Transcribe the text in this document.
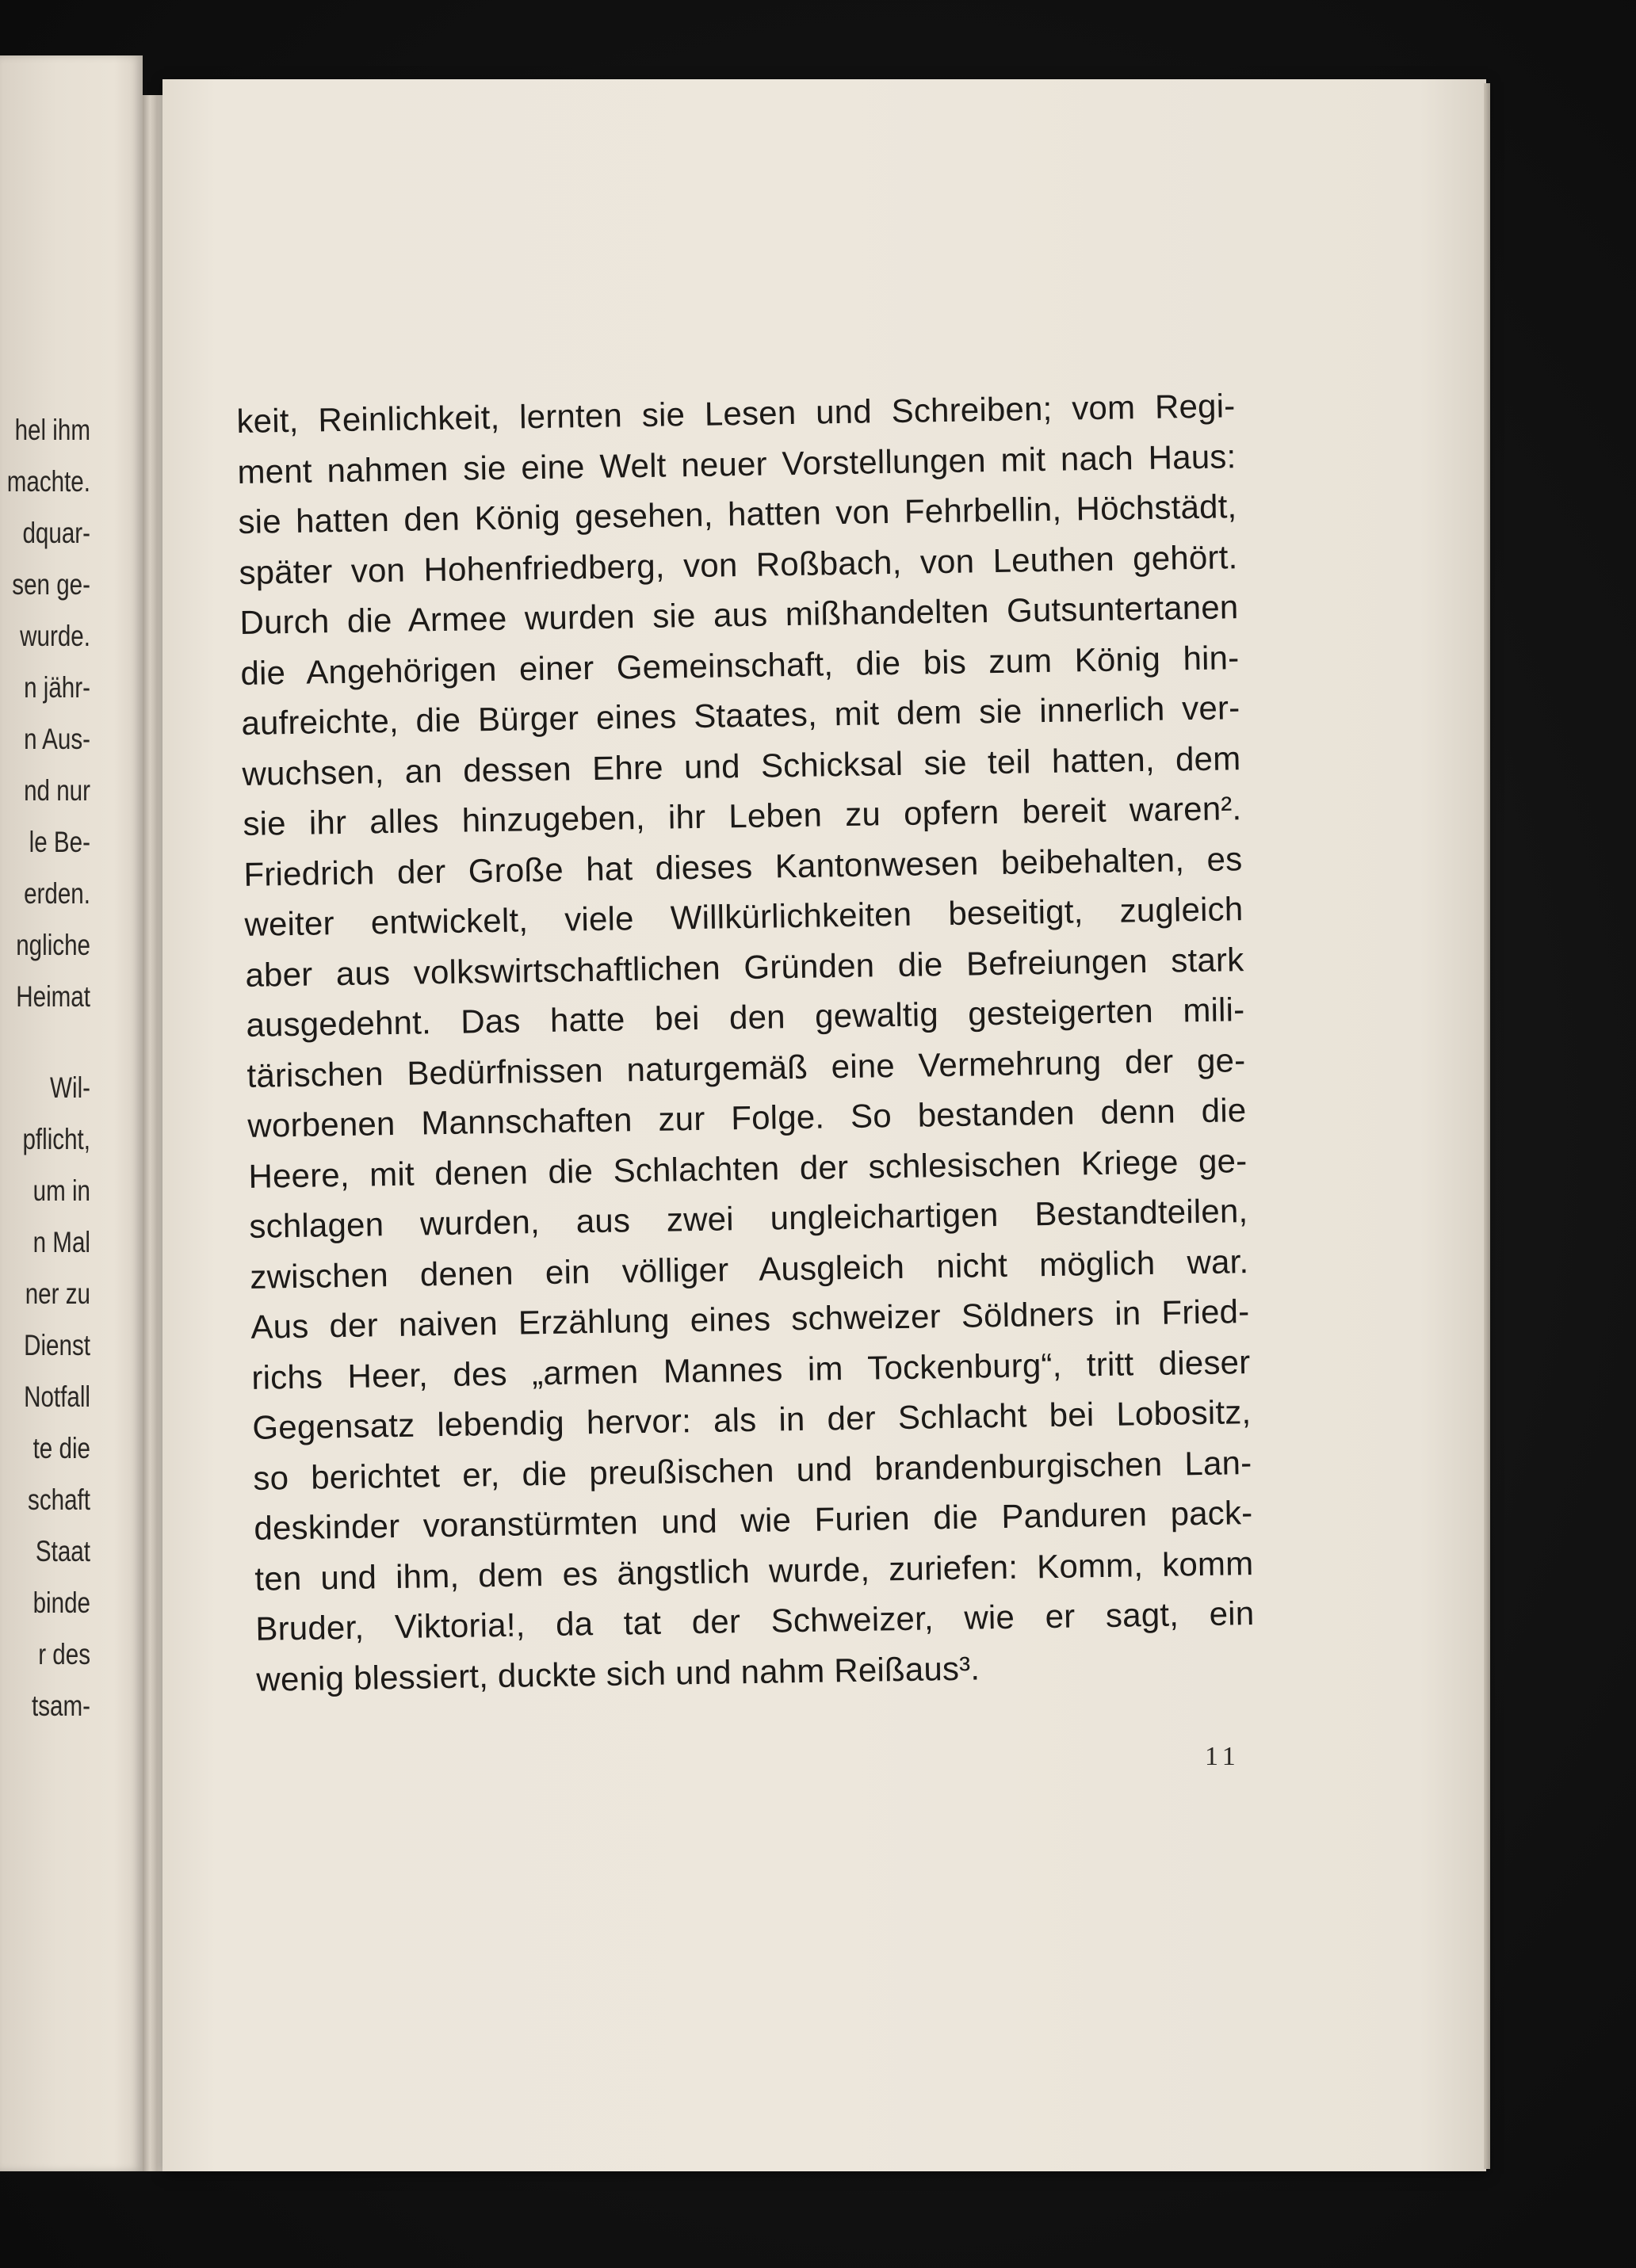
hel ihm
machte.
dquar-
sen ge-
wurde.
n jähr-
n Aus-
nd nur
le Be-
erden.
ngliche
Heimat
Wil-
pflicht,
um in
n Mal
ner zu
Dienst
Notfall
te die
schaft
Staat
binde
r des
tsam-
keit, Reinlichkeit, lernten sie Lesen und Schreiben; vom Regi-
ment nahmen sie eine Welt neuer Vorstellungen mit nach Haus:
sie hatten den König gesehen, hatten von Fehrbellin, Höchstädt,
später von Hohenfriedberg, von Roßbach, von Leuthen gehört.
Durch die Armee wurden sie aus mißhandelten Gutsuntertanen
die Angehörigen einer Gemeinschaft, die bis zum König hin-
aufreichte, die Bürger eines Staates, mit dem sie innerlich ver-
wuchsen, an dessen Ehre und Schicksal sie teil hatten, dem
sie ihr alles hinzugeben, ihr Leben zu opfern bereit waren².
Friedrich der Große hat dieses Kantonwesen beibehalten, es
weiter entwickelt, viele Willkürlichkeiten beseitigt, zugleich
aber aus volkswirtschaftlichen Gründen die Befreiungen stark
ausgedehnt. Das hatte bei den gewaltig gesteigerten mili-
tärischen Bedürfnissen naturgemäß eine Vermehrung der ge-
worbenen Mannschaften zur Folge. So bestanden denn die
Heere, mit denen die Schlachten der schlesischen Kriege ge-
schlagen wurden, aus zwei ungleichartigen Bestandteilen,
zwischen denen ein völliger Ausgleich nicht möglich war.
Aus der naiven Erzählung eines schweizer Söldners in Fried-
richs Heer, des „armen Mannes im Tockenburg“, tritt dieser
Gegensatz lebendig hervor: als in der Schlacht bei Lobositz,
so berichtet er, die preußischen und brandenburgischen Lan-
deskinder voranstürmten und wie Furien die Panduren pack-
ten und ihm, dem es ängstlich wurde, zuriefen: Komm, komm
Bruder, Viktoria!, da tat der Schweizer, wie er sagt, ein
wenig blessiert, duckte sich und nahm Reißaus³.
11
